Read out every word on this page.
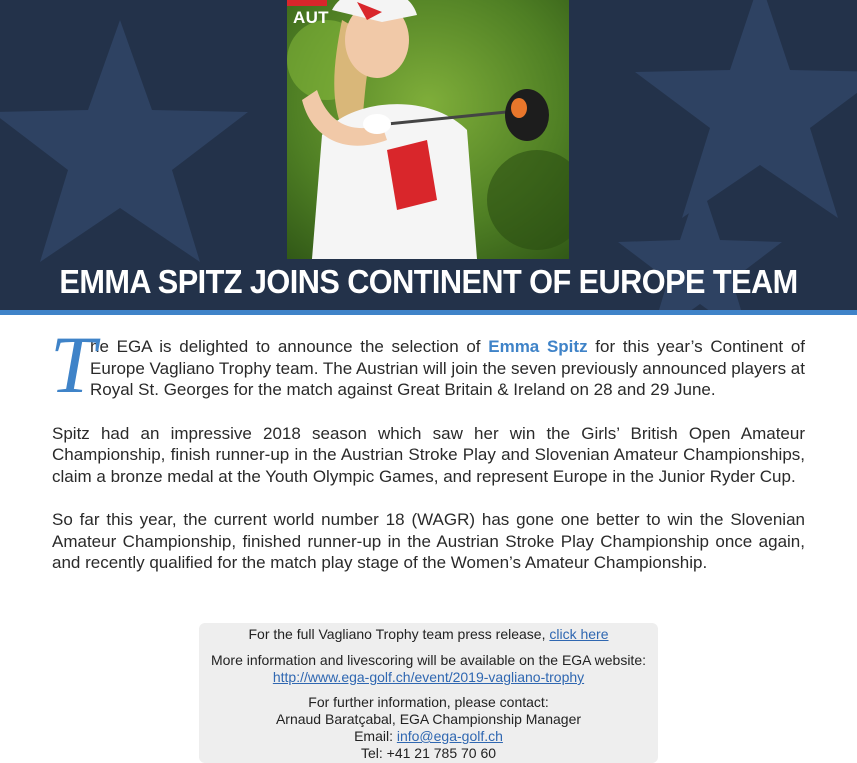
AUT
EMMA SPITZ JOINS CONTINENT OF EUROPE TEAM

T
he EGA is delighted to announce the selection of Emma Spitz for this year’s Continent of Europe Vagliano Trophy team. The Austrian will join the seven previously announced players at Royal St. Georges for the match against Great Britain & Ireland on 28 and 29 June.

Spitz had an impressive 2018 season which saw her win the Girls’ British Open Amateur Championship, finish runner-up in the Austrian Stroke Play and Slovenian Amateur Championships, claim a bronze medal at the Youth Olympic Games, and represent Europe in the Junior Ryder Cup.

So far this year, the current world number 18 (WAGR) has gone one better to win the Slovenian Amateur Championship, finished runner-up in the Austrian Stroke Play Championship once again, and recently qualified for the match play stage of the Women’s Amateur Championship.

For the full Vagliano Trophy team press release, click here
More information and livescoring will be available on the EGA website:
http://www.ega-golf.ch/event/2019-vagliano-trophy
For further information, please contact:
Arnaud Baratçabal, EGA Championship Manager
Email: info@ega-golf.ch
Tel: +41 21 785 70 60
